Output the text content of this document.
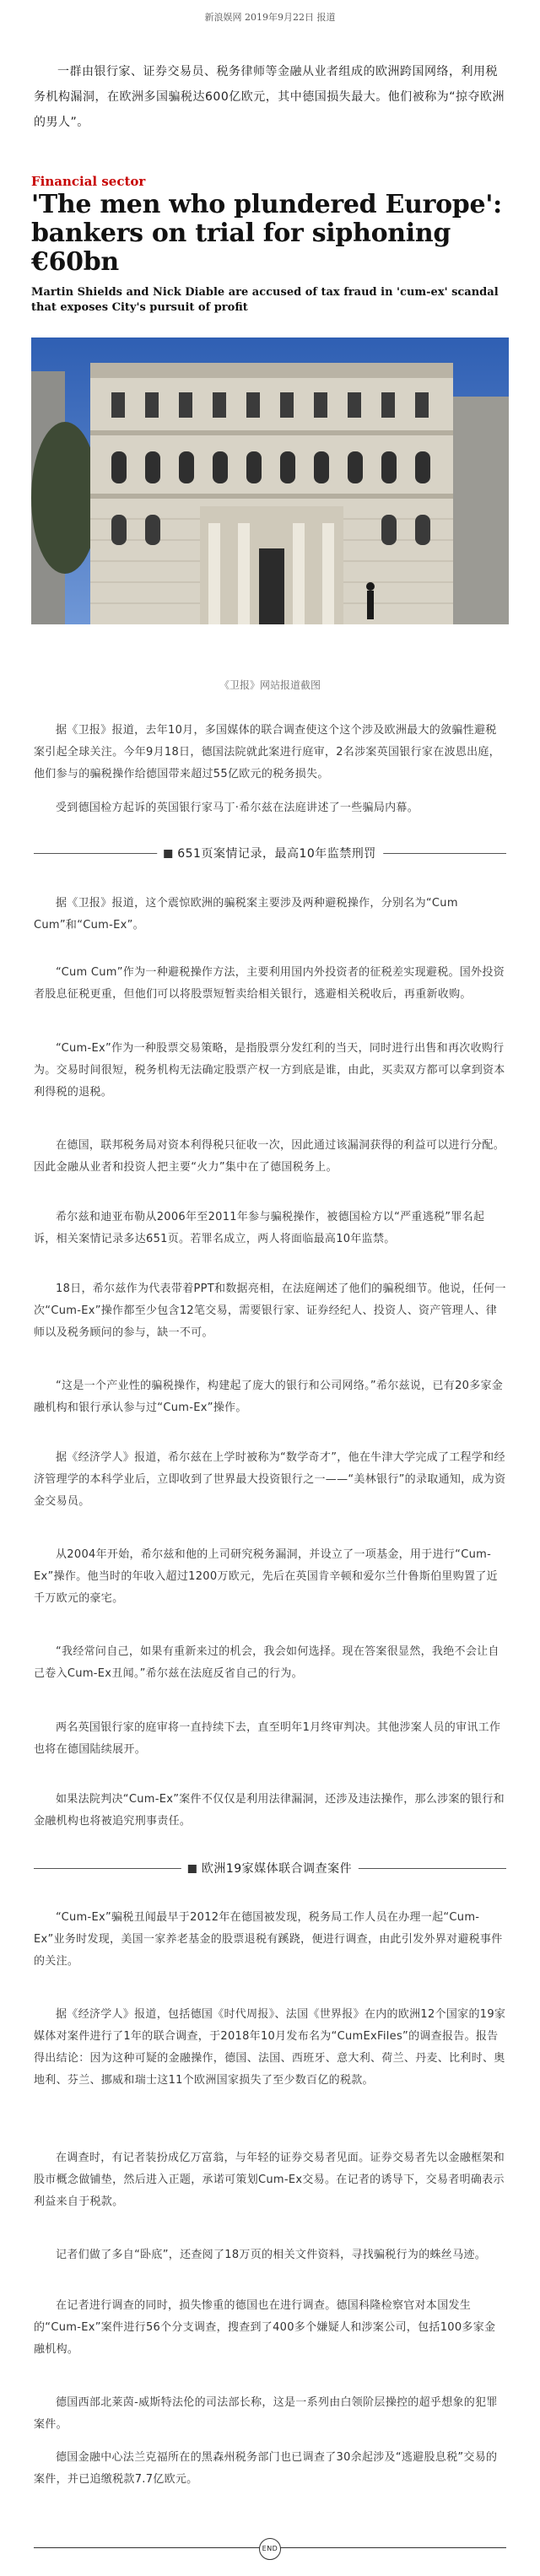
新浪娱网 2019年9月22日 报道

一群由银行家、证券交易员、税务律师等金融从业者组成的欧洲跨国网络，利用税务机构漏洞，在欧洲多国骗税达600亿欧元，其中德国损失最大。他们被称为“掠夺欧洲的男人”。

Financial sector
'The men who plundered Europe': bankers on trial for siphoning €60bn

Martin Shields and Nick Diable are accused of tax fraud in 'cum-ex' scandal that exposes City's pursuit of profit

《卫报》网站报道截图

据《卫报》报道，去年10月，多国媒体的联合调查使这个这个涉及欧洲最大的敛骗性避税案引起全球关注。今年9月18日，德国法院就此案进行庭审，2名涉案英国银行家在波恩出庭，他们参与的骗税操作给德国带来超过55亿欧元的税务损失。

受到德国检方起诉的英国银行家马丁·希尔兹在法庭讲述了一些骗局内幕。

651页案情记录，最高10年监禁刑罚

据《卫报》报道，这个震惊欧洲的骗税案主要涉及两种避税操作，分别名为“Cum Cum”和“Cum-Ex”。

“Cum Cum”作为一种避税操作方法，主要利用国内外投资者的征税差实现避税。国外投资者股息征税更重，但他们可以将股票短暂卖给相关银行，逃避相关税收后，再重新收购。

“Cum-Ex”作为一种股票交易策略，是指股票分发红利的当天，同时进行出售和再次收购行为。交易时间很短，税务机构无法确定股票产权一方到底是谁，由此，买卖双方都可以拿到资本利得税的退税。

在德国，联邦税务局对资本利得税只征收一次，因此通过该漏洞获得的利益可以进行分配。因此金融从业者和投资人把主要“火力”集中在了德国税务上。

希尔兹和迪亚布勒从2006年至2011年参与骗税操作，被德国检方以“严重逃税”罪名起诉，相关案情记录多达651页。若罪名成立，两人将面临最高10年监禁。

18日，希尔兹作为代表带着PPT和数据亮相，在法庭阐述了他们的骗税细节。他说，任何一次“Cum-Ex”操作都至少包含12笔交易，需要银行家、证券经纪人、投资人、资产管理人、律师以及税务顾问的参与，缺一不可。

“这是一个产业性的骗税操作，构建起了庞大的银行和公司网络。”希尔兹说，已有20多家金融机构和银行承认参与过“Cum-Ex”操作。

据《经济学人》报道，希尔兹在上学时被称为“数学奇才”，他在牛津大学完成了工程学和经济管理学的本科学业后，立即收到了世界最大投资银行之一——“美林银行”的录取通知，成为资金交易员。

从2004年开始，希尔兹和他的上司研究税务漏洞，并设立了一项基金，用于进行“Cum-Ex”操作。他当时的年收入超过1200万欧元，先后在英国肯辛顿和爱尔兰什鲁斯伯里购置了近千万欧元的豪宅。

“我经常问自己，如果有重新来过的机会，我会如何选择。现在答案很显然，我绝不会让自己卷入Cum-Ex丑闻。”希尔兹在法庭反省自己的行为。

两名英国银行家的庭审将一直持续下去，直至明年1月终审判决。其他涉案人员的审讯工作也将在德国陆续展开。

如果法院判决“Cum-Ex”案件不仅仅是利用法律漏洞，还涉及违法操作，那么涉案的银行和金融机构也将被追究刑事责任。

欧洲19家媒体联合调查案件

“Cum-Ex”骗税丑闻最早于2012年在德国被发现，税务局工作人员在办理一起“Cum-Ex”业务时发现，美国一家养老基金的股票退税有蹊跷，便进行调查，由此引发外界对避税事件的关注。

据《经济学人》报道，包括德国《时代周报》、法国《世界报》在内的欧洲12个国家的19家媒体对案件进行了1年的联合调查，于2018年10月发布名为“CumExFiles”的调查报告。报告得出结论：因为这种可疑的金融操作，德国、法国、西班牙、意大利、荷兰、丹麦、比利时、奥地利、芬兰、挪威和瑞士这11个欧洲国家损失了至少数百亿的税款。

在调查时，有记者装扮成亿万富翁，与年轻的证券交易者见面。证券交易者先以金融框架和股市概念做铺垫，然后进入正题，承诺可策划Cum-Ex交易。在记者的诱导下，交易者明确表示利益来自于税款。

记者们做了多自“卧底”，还查阅了18万页的相关文件资料，寻找骗税行为的蛛丝马迹。

在记者进行调查的同时，损失惨重的德国也在进行调查。德国科隆检察官对本国发生的“Cum-Ex”案件进行56个分支调查，搜查到了400多个嫌疑人和涉案公司，包括100多家金融机构。

德国西部北莱茵-威斯特法伦的司法部长称，这是一系列由白领阶层操控的超乎想象的犯罪案件。

德国金融中心法兰克福所在的黑森州税务部门也已调查了30余起涉及“逃避股息税”交易的案件，并已追缴税款7.7亿欧元。

END
